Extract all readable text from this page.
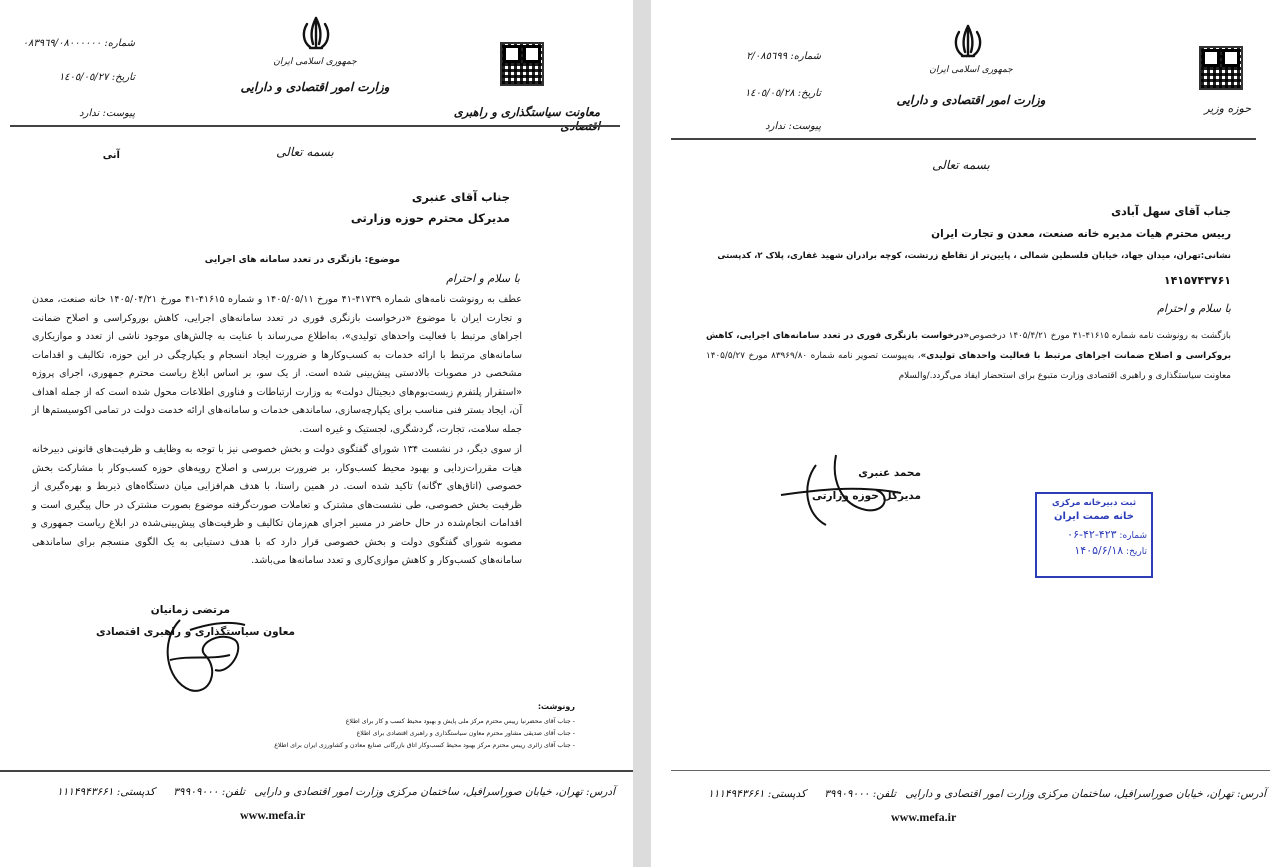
جمهوری اسلامی ایران
وزارت امور اقتصادی و دارایی
معاونت سیاستگذاری و راهبری
شماره: ٠٨٣٩٦٩/٠٨٠٠٠٠٠٠
تاریخ: ١٤٠٥/٠٥/٢٧
پیوست: ندارد
آنی	بسمه تعالی
جناب آقای عنبری
مدیرکل محترم حوزه وزارتی
موضوع: بازنگری در تعدد سامانه های اجرایی
با سلام و احترام
عطف به رونوشت نامه‌های شماره ۴۱۷۳۹-۴۱ مورخ ۱۴۰۵/۰۵/۱۱ و شماره ۴۱۶۱۵-۴۱ مورخ ۱۴۰۵/۰۴/۲۱ خانه صنعت، معدن و تجارت ایران با موضوع «درخواست بازنگری فوری در تعدد سامانه‌های اجرایی، کاهش بوروکراسی و اصلاح ضمانت اجراهای مرتبط با فعالیت واحدهای تولیدی»، به‌اطلاع می‌رساند با عنایت به چالش‌های موجود ناشی از تعدد و موازیکاری سامانه‌های مرتبط با ارائه خدمات به کسب‌وکارها و ضرورت ایجاد انسجام و یکپارچگی در این حوزه، تکالیف و اقدامات مشخصی در مصوبات بالادستی پیش‌بینی شده است. از یک سو، بر اساس ابلاغ ریاست محترم جمهوری، اجرای پروژه «استقرار پلتفرم زیست‌بوم‌های دیجیتال دولت» به وزارت ارتباطات و فناوری اطلاعات محول شده است که از جمله اهداف آن، ایجاد بستر فنی مناسب برای یکپارچه‌سازی، ساماندهی خدمات و سامانه‌های ارائه خدمت دولت در تمامی اکوسیستم‌ها از جمله سلامت، تجارت، گردشگری، لجستیک و غیره است.
از سوی دیگر، در نشست ۱۳۴ شورای گفتگوی دولت و بخش خصوصی نیز با توجه به وظایف و ظرفیت‌های قانونی دبیرخانه هیات مقررات‌زدایی و بهبود محیط کسب‌وکار، بر ضرورت بررسی و اصلاح رویه‌های حوزه کسب‌وکار با مشارکت بخش خصوصی (اتاق‌های ۳گانه) تاکید شده است. در همین راستا، با هدف هم‌افزایی میان دستگاه‌های ذیربط و بهره‌گیری از ظرفیت بخش خصوصی، طی نشست‌های مشترک و تعاملات صورت‌گرفته موضوع بصورت مشترک در حال پیگیری است و اقدامات انجام‌شده در حال حاضر در مسیر اجرای هم‌زمان تکالیف و ظرفیت‌های پیش‌بینی‌شده در ابلاغ ریاست جمهوری و مصوبه شورای گفتگوی دولت و بخش خصوصی قرار دارد که با هدف دستیابی به یک الگوی منسجم برای ساماندهی سامانه‌های کسب‌وکار و کاهش موازی‌کاری و تعدد سامانه‌ها می‌باشد.
مرتضی زمانیان
معاون سیاستگذاری و راهبری اقتصادی
رونوشت:
- جناب آقای محضرنیا رییس محترم مرکز ملی پایش و بهبود محیط کسب و کار برای اطلاع
- جناب آقای صدیقی مشاور محترم معاون سیاستگذاری و راهبری اقتصادی برای اطلاع
- جناب آقای زائری رییس محترم مرکز بهبود محیط کسب‌وکار اتاق بازرگانی صنایع معادن و کشاورزی ایران برای اطلاع
آدرس: تهران، خیابان صوراسرافیل، ساختمان مرکزی وزارت امور اقتصادی و دارایی
تلفن: ۳۹۹۰۹۰۰۰
کدپستی: ۱۱۱۴۹۴۳۶۶۱
www.mefa.ir
جمهوری اسلامی ایران
وزارت امور اقتصادی و دارایی
حوزه وزیر
شماره: ٢/٠٨٥٦٩٩
تاریخ: ١٤٠٥/٠٥/٢٨
پیوست: ندارد
بسمه تعالی
جناب آقای سهل آبادی
رییس محترم هیات مدیره خانه صنعت، معدن و تجارت ایران
نشانی:تهران، میدان جهاد، خیابان فلسطین شمالی ، پایین‌تر از تقاطع زرتشت، کوچه برادران شهید غفاری، پلاک ۲، کدپستی
۱۴۱۵۷۴۳۷۶۱
با سلام و احترام
بازگشت به رونوشت نامه شماره ۴۱۶۱۵-۴۱ مورخ ۱۴۰۵/۴/۲۱ درخصوص«درخواست بازنگری فوری در تعدد سامانه‌های اجرایی، کاهش بروکراسی و اصلاح ضمانت اجراهای مرتبط با فعالیت واحدهای تولیدی»، به‌پیوست تصویر نامه شماره ۸۳۹۶۹/۸۰ مورخ ۱۴۰۵/۵/۲۷ معاونت سیاستگذاری و راهبری اقتصادی وزارت متبوع برای استحضار ایفاد می‌گردد./والسلام
محمد عنبری
مدیرکل حوزه وزارتی
ثبت دبیرخانه مرکزی
خانه صمت ایران
شماره: ۴۲۳-۴۲-۰۶
تاریخ: ۱۴۰۵/۶/۱۸
آدرس: تهران، خیابان صوراسرافیل، ساختمان مرکزی وزارت امور اقتصادی و دارایی
تلفن: ۳۹۹۰۹۰۰۰
کدپستی: ۱۱۱۴۹۴۳۶۶۱
www.mefa.ir
